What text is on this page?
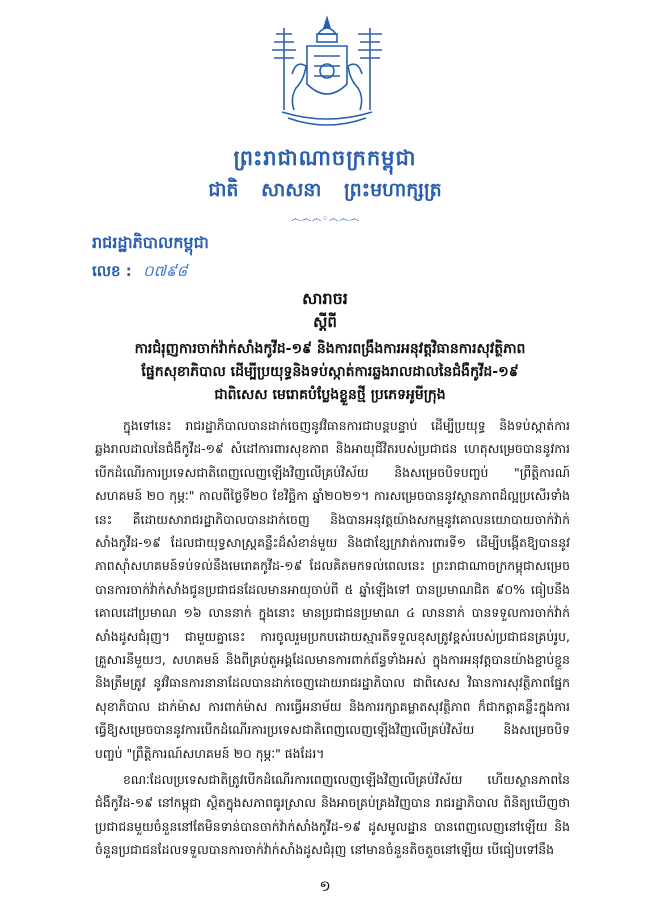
ព្រះរាជាណាចក្រកម្ពុជា
ជាតិ សាសនា ព្រះមហាក្សត្រ
෴෴෴◦෴෴෴
រាជរដ្ឋាភិបាលកម្ពុជា
លេខ : ០៧៩៨
សារាចរ
ស្តីពី
ការជំរុញការចាក់វ៉ាក់សាំងកូវីដ-១៩ និងការពង្រឹងការអនុវត្តវិធានការសុវត្ថិភាព
ផ្នែកសុខាភិបាល ដើម្បីប្រយុទ្ធនិងទប់ស្កាត់ការឆ្លងរាលដាលនៃជំងឺកូវីដ-១៩
ជាពិសេស មេរោគបំប្លែងខ្លួនថ្មី ប្រភេទអូមីក្រុង
ក្នុងទៅនេះ រាជរដ្ឋាភិបាលបានដាក់ចេញនូវវិធានការជាបន្តបន្ទាប់ ដើម្បីប្រយុទ្ធ និងទប់ស្កាត់ការឆ្លងរាលដាលនៃជំងឺកូវីដ-១៩ សំដៅការពារសុខភាព និងអាយុជីវិតរបស់ប្រជាជន ហេតុសម្រេចបាននូវការបើកដំណើរការប្រទេសជាតិពេញលេញឡើងវិញលើគ្រប់វិស័យ និងសម្រេចបិទបញ្ចប់ "ព្រឹត្តិការណ៍សហគមន៍ ២០ កុម្ភៈ" កាលពីថ្ងៃទី២០ ខែវិច្ឆិកា ឆ្នាំ២០២១។ ការសម្រេចបាននូវស្ថានភាពដ៏ល្អប្រសើរទាំងនេះ គឺដោយសារាជរដ្ឋាភិបាលបានដាក់ចេញ និងបានអនុវត្តយ៉ាងសកម្មនូវគោលនយោបាយចាក់វ៉ាក់សាំងកូវីដ-១៩ ដែលជាយុទ្ធសាស្រ្តគន្លឹះដ៏សំខាន់មួយ និងជាខ្សែក្រវាត់ការពារទី១ ដើម្បីបង្កើតឱ្យបាននូវភាពស៊ាំសហគមន៍ទប់ទល់នឹងមេរោគកូវីដ-១៩ ដែលគិតមកទល់ពេលនេះ ព្រះរាជាណាចក្រកម្ពុជាសម្រេចបានការចាក់វ៉ាក់សាំងជូនប្រជាជនដែលមានអាយុចាប់ពី ៥ ឆ្នាំឡើងទៅ បានប្រមាណជិត ៩០% ធៀបនឹងគោលដៅប្រមាណ ១៦ លាននាក់ ក្នុងនោះ មានប្រជាជនប្រមាណ ៤ លាននាក់ បានទទួលការចាក់វ៉ាក់សាំងដូសជំរុញ។ ជាមួយគ្នានេះ ការចូលរួមប្រកបដោយស្មារតីទទួលខុសត្រូវខ្ពស់របស់ប្រជាជនគ្រប់រូប, គ្រួសារនីមួយៗ, សហគមន៍ និងពីគ្រប់តួអង្គដែលមានការពាក់ព័ន្ធទាំងអស់ ក្នុងការអនុវត្តបានយ៉ាងខ្ជាប់ខ្ជួន និងត្រឹមត្រូវ នូវវិធានការនានាដែលបានដាក់ចេញដោយរាជរដ្ឋាភិបាល ជាពិសេស វិធានការសុវត្ថិភាពផ្នែកសុខាភិបាល ដាក់ម៉ាស ការពាក់ម៉ាស ការធ្វើអនាម័យ និងការរក្សាគម្លាតសុវត្ថិភាព ក៏ជាកត្តាគន្លឹះក្នុងការធ្វើឱ្យសម្រេចបាននូវការបើកដំណើរការប្រទេសជាតិពេញលេញឡើងវិញលើគ្រប់វិស័យ និងសម្រេចបិទបញ្ចប់ "ព្រឹត្តិការណ៍សហគមន៍ ២០ កុម្ភៈ" ផងដែរ។
ខណៈដែលប្រទេសជាតិត្រូវបើកដំណើរការពេញលេញឡើងវិញលើគ្រប់វិស័យ ហើយស្ថានភាពនៃជំងឺកូវីដ-១៩ នៅកម្ពុជា ស្ថិតក្នុងសភាពធូរស្រាល និងអាចគ្រប់គ្រងវិញបាន រាជរដ្ឋាភិបាល ពិនិត្យឃើញថាប្រជាជនមួយចំនួននៅតែមិនទាន់បានចាក់វ៉ាក់សាំងកូវីដ-១៩ ដូសមូលដ្ឋាន បានពេញលេញនៅឡើយ និងចំនួនប្រជាជនដែលទទួលបានការចាក់វ៉ាក់សាំងដូសជំរុញ នៅមានចំនួនតិចតួចនៅឡើយ បើធៀបទៅនឹង
១
